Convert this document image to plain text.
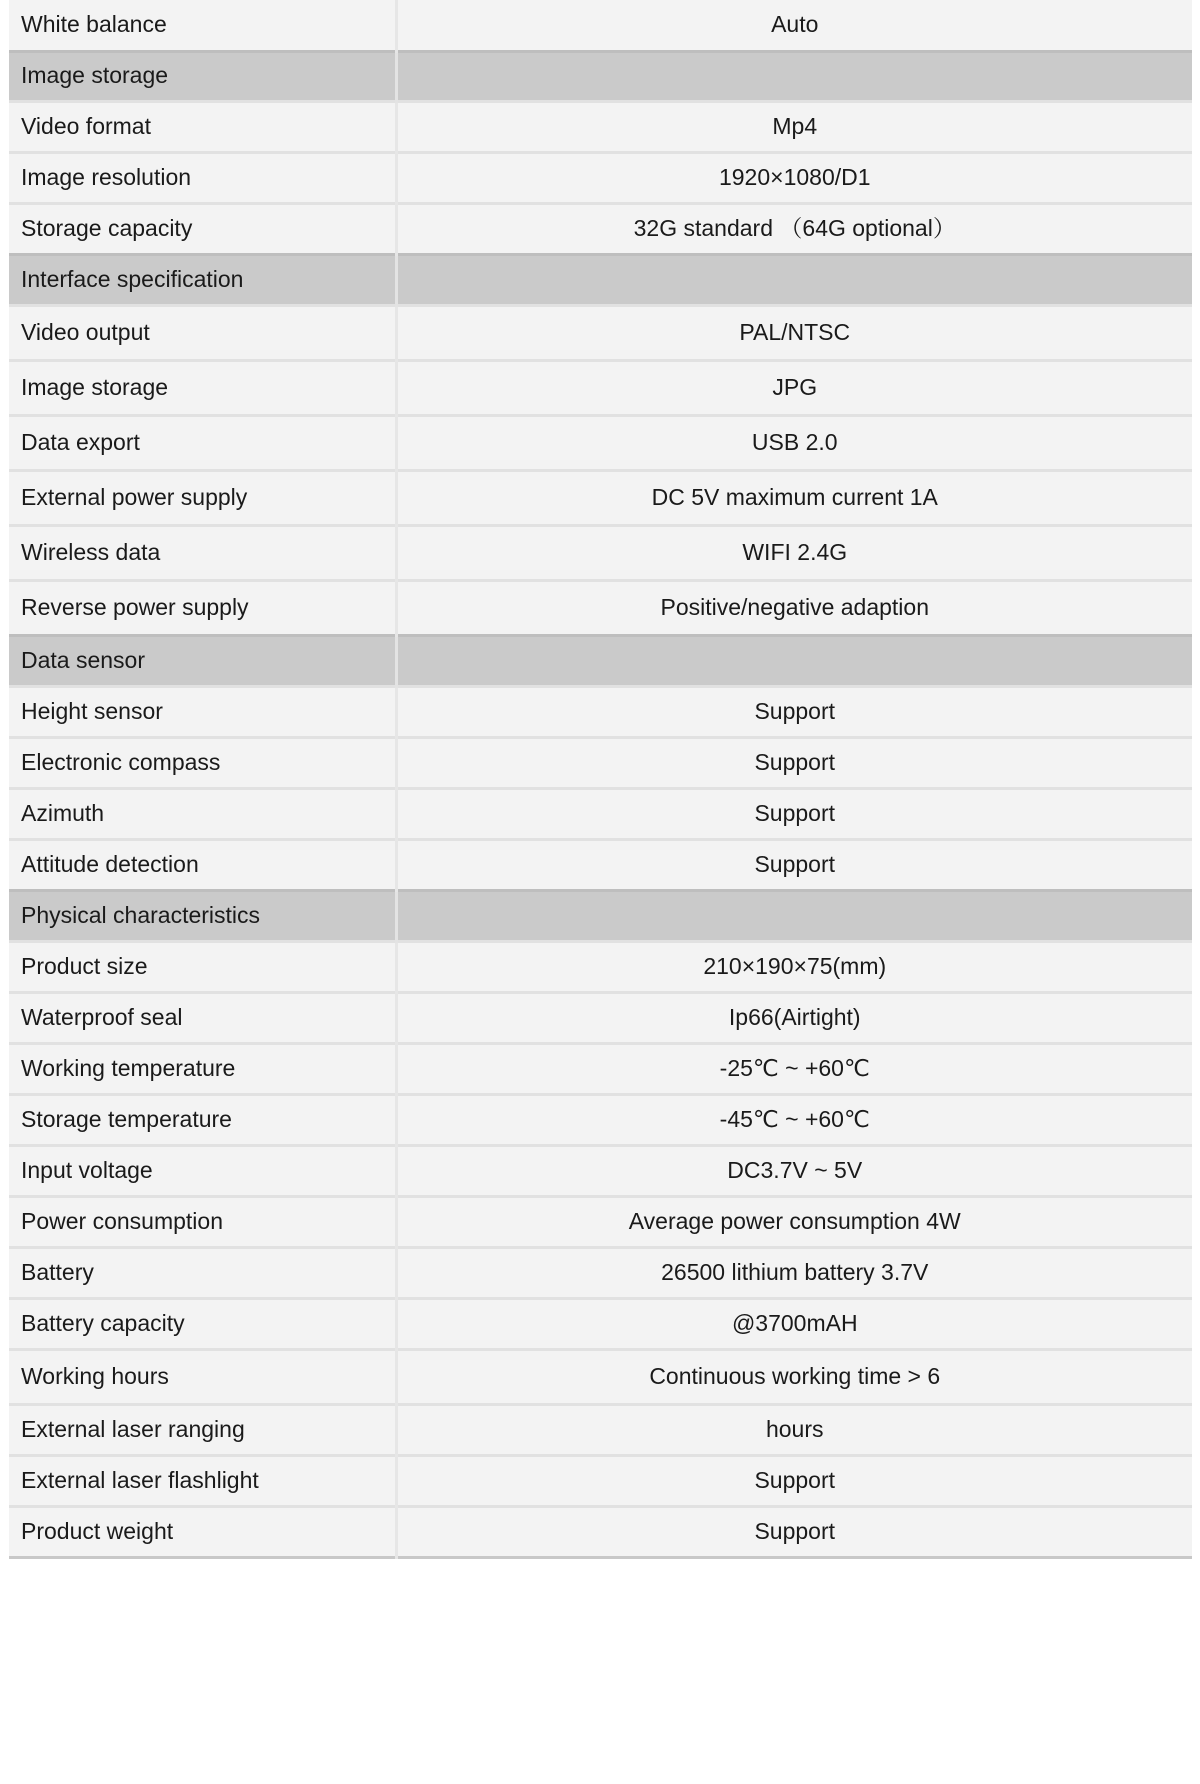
White balance	Auto
Image storage	
Video format	Mp4
Image resolution	1920×1080/D1
Storage capacity	32G standard （64G optional）
Interface specification	
Video output	PAL/NTSC
Image storage	JPG
Data export	USB 2.0
External power supply	DC 5V maximum current 1A
Wireless data	WIFI 2.4G
Reverse power supply	Positive/negative adaption
Data sensor	
Height sensor	Support
Electronic compass	Support
Azimuth	Support
Attitude detection	Support
Physical characteristics	
Product size	210×190×75(mm)
Waterproof seal	Ip66(Airtight)
Working temperature	-25℃ ~ +60℃
Storage temperature	-45℃ ~ +60℃
Input voltage	DC3.7V ~ 5V
Power consumption	Average power consumption 4W
Battery	26500 lithium battery 3.7V
Battery capacity	@3700mAH
Working hours	Continuous working time > 6
External laser ranging	hours
External laser flashlight	Support
Product weight	Support
